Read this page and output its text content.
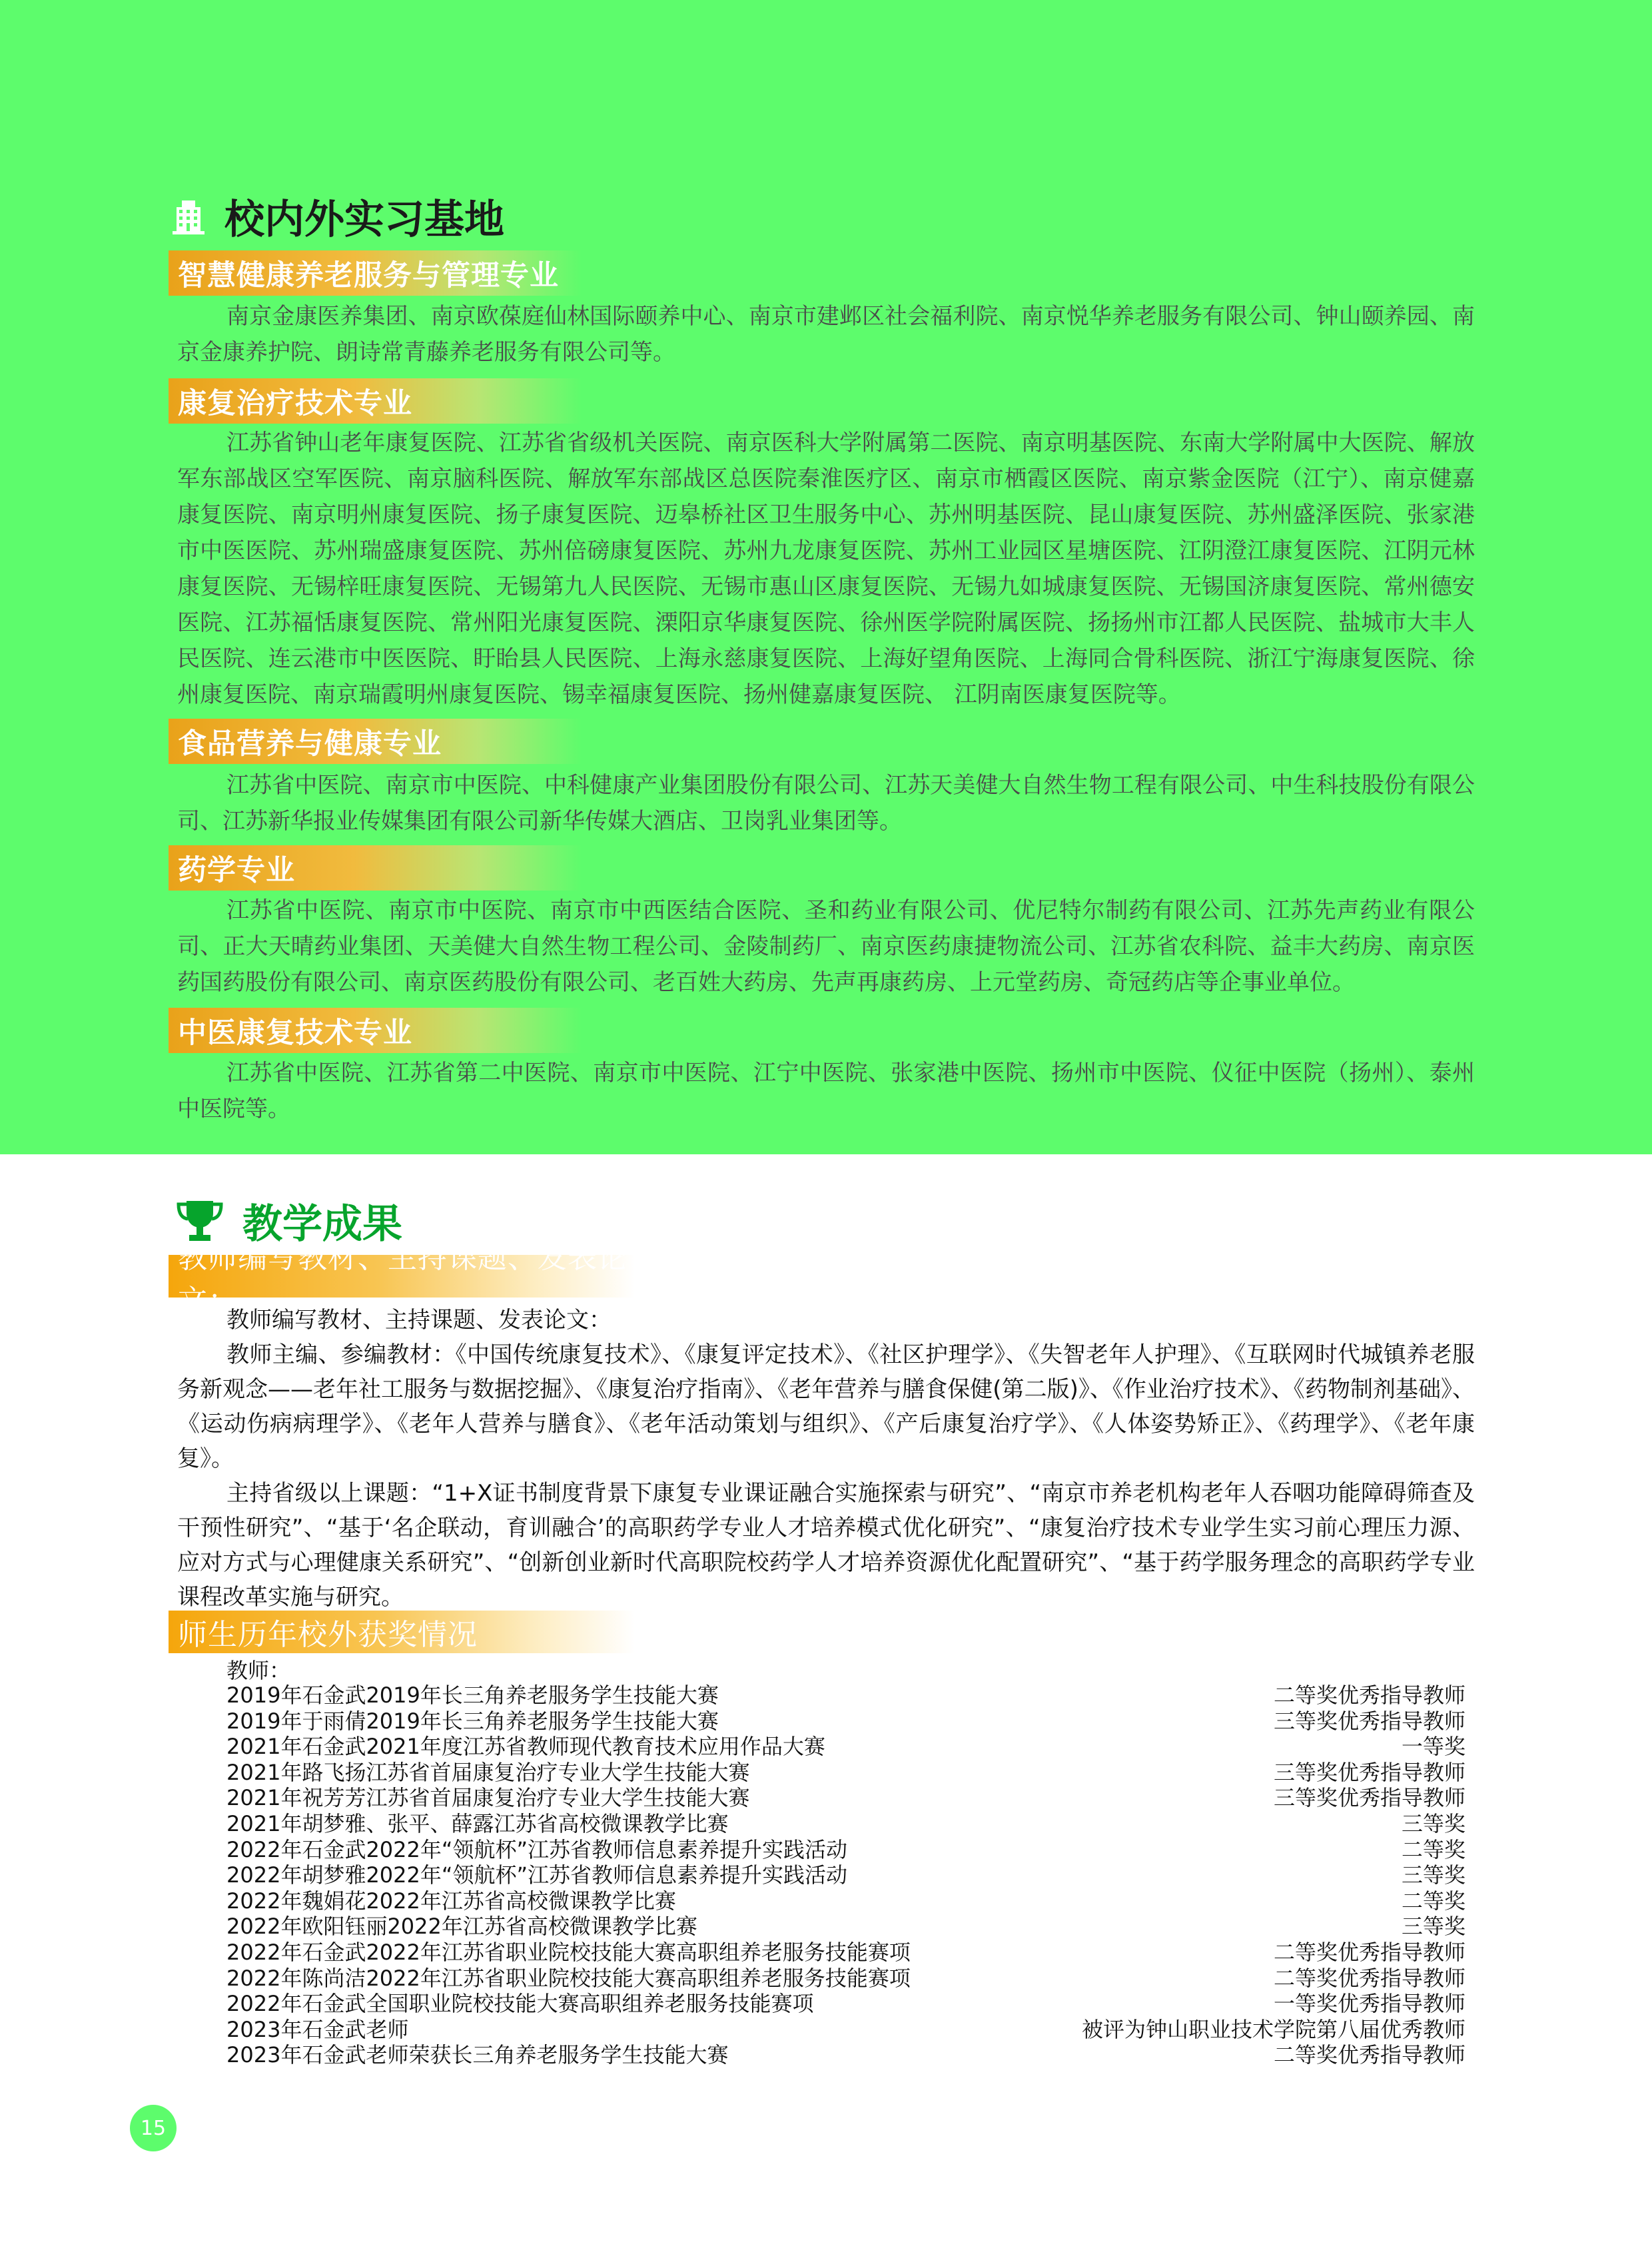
校内外实习基地
智慧健康养老服务与管理专业

南京金康医养集团、南京欧葆庭仙林国际颐养中心、南京市建邺区社会福利院、南京悦华养老服务有限公司、钟山颐养园、南京金康养护院、朗诗常青藤养老服务有限公司等。

康复治疗技术专业

江苏省钟山老年康复医院、江苏省省级机关医院、南京医科大学附属第二医院、南京明基医院、东南大学附属中大医院、解放军东部战区空军医院、南京脑科医院、解放军东部战区总医院秦淮医疗区、南京市栖霞区医院、南京紫金医院（江宁）、南京健嘉康复医院、南京明州康复医院、扬子康复医院、迈皋桥社区卫生服务中心、苏州明基医院、昆山康复医院、苏州盛泽医院、张家港市中医医院、苏州瑞盛康复医院、苏州倍磅康复医院、苏州九龙康复医院、苏州工业园区星塘医院、江阴澄江康复医院、江阴元林康复医院、无锡梓旺康复医院、无锡第九人民医院、无锡市惠山区康复医院、无锡九如城康复医院、无锡国济康复医院、常州德安医院、江苏福恬康复医院、常州阳光康复医院、溧阳京华康复医院、徐州医学院附属医院、扬扬州市江都人民医院、盐城市大丰人民医院、连云港市中医医院、盱眙县人民医院、上海永慈康复医院、上海好望角医院、上海同合骨科医院、浙江宁海康复医院、徐州康复医院、南京瑞霞明州康复医院、锡幸福康复医院、扬州健嘉康复医院、 江阴南医康复医院等。

食品营养与健康专业

江苏省中医院、南京市中医院、中科健康产业集团股份有限公司、江苏天美健大自然生物工程有限公司、中生科技股份有限公司、江苏新华报业传媒集团有限公司新华传媒大酒店、卫岗乳业集团等。

药学专业

江苏省中医院、南京市中医院、南京市中西医结合医院、圣和药业有限公司、优尼特尔制药有限公司、江苏先声药业有限公司、正大天晴药业集团、天美健大自然生物工程公司、金陵制药厂、南京医药康捷物流公司、江苏省农科院、益丰大药房、南京医药国药股份有限公司、南京医药股份有限公司、老百姓大药房、先声再康药房、上元堂药房、奇冠药店等企事业单位。

中医康复技术专业

江苏省中医院、江苏省第二中医院、南京市中医院、江宁中医院、张家港中医院、扬州市中医院、仪征中医院（扬州）、泰州中医院等。

教学成果
教师编写教材、主持课题、发表论文：

教师编写教材、主持课题、发表论文：

教师主编、参编教材：《中国传统康复技术》、《康复评定技术》、《社区护理学》、《失智老年人护理》、《互联网时代城镇养老服务新观念——老年社工服务与数据挖掘》、《康复治疗指南》、《老年营养与膳食保健(第二版)》、《作业治疗技术》、《药物制剂基础》、《运动伤病病理学》、《老年人营养与膳食》、《老年活动策划与组织》、《产后康复治疗学》、《人体姿势矫正》、《药理学》、《老年康复》。

主持省级以上课题：“1+X证书制度背景下康复专业课证融合实施探索与研究”、“南京市养老机构老年人吞咽功能障碍筛查及干预性研究”、“基于‘名企联动，育训融合’的高职药学专业人才培养模式优化研究”、“康复治疗技术专业学生实习前心理压力源、应对方式与心理健康关系研究”、“创新创业新时代高职院校药学人才培养资源优化配置研究”、“基于药学服务理念的高职药学专业课程改革实施与研究。

师生历年校外获奖情况
教师：
2019年石金武2019年长三角养老服务学生技能大赛	二等奖优秀指导教师
2019年于雨倩2019年长三角养老服务学生技能大赛	三等奖优秀指导教师
2021年石金武2021年度江苏省教师现代教育技术应用作品大赛	一等奖
2021年路飞扬江苏省首届康复治疗专业大学生技能大赛	三等奖优秀指导教师
2021年祝芳芳江苏省首届康复治疗专业大学生技能大赛	三等奖优秀指导教师
2021年胡梦雅、张平、薛露江苏省高校微课教学比赛	三等奖
2022年石金武2022年“领航杯”江苏省教师信息素养提升实践活动	二等奖
2022年胡梦雅2022年“领航杯”江苏省教师信息素养提升实践活动	三等奖
2022年魏娟花2022年江苏省高校微课教学比赛	二等奖
2022年欧阳钰丽2022年江苏省高校微课教学比赛	三等奖
2022年石金武2022年江苏省职业院校技能大赛高职组养老服务技能赛项	二等奖优秀指导教师
2022年陈尚洁2022年江苏省职业院校技能大赛高职组养老服务技能赛项	二等奖优秀指导教师
2022年石金武全国职业院校技能大赛高职组养老服务技能赛项	一等奖优秀指导教师
2023年石金武老师	被评为钟山职业技术学院第八届优秀教师
2023年石金武老师荣获长三角养老服务学生技能大赛	二等奖优秀指导教师
15
